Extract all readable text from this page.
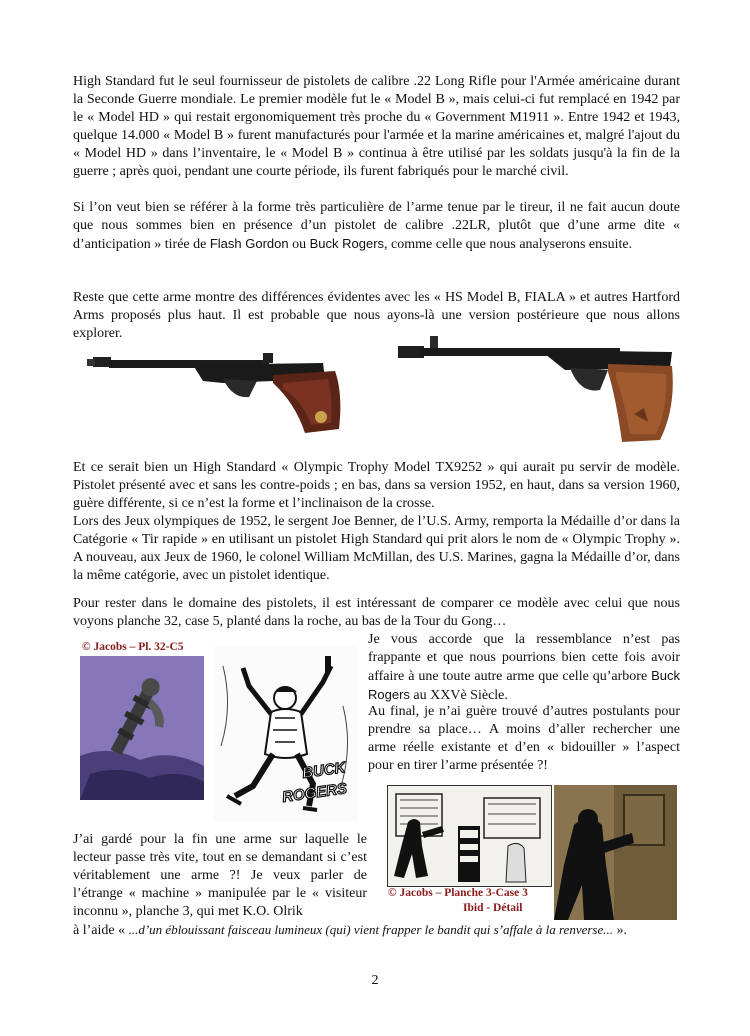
High Standard fut le seul fournisseur de pistolets de calibre .22 Long Rifle pour l'Armée américaine durant la Seconde Guerre mondiale. Le premier modèle fut le « Model B », mais celui-ci fut remplacé en 1942 par le « Model HD » qui restait ergonomiquement très proche du « Government M1911 ». Entre 1942 et 1943, quelque 14.000 « Model B » furent manufacturés pour l'armée et la marine américaines et, malgré l'ajout du « Model HD » dans l’inventaire, le « Model B » continua à être utilisé par les soldats jusqu'à la fin de la guerre ; après quoi, pendant une courte période, ils furent fabriqués pour le marché civil.

Si l’on veut bien se référer à la forme très particulière de l’arme tenue par le tireur, il ne fait aucun doute que nous sommes bien en présence d’un pistolet de calibre .22LR, plutôt que d’une arme dite « d’anticipation » tirée de Flash Gordon ou Buck Rogers, comme celle que nous analyserons ensuite.

Reste que cette arme montre des différences évidentes avec les « HS Model B, FIALA » et autres Hartford Arms proposés plus haut. Il est probable que nous ayons-là une version postérieure que nous allons explorer.

Et ce serait bien un High Standard « Olympic Trophy Model TX9252 » qui aurait pu servir de modèle. Pistolet présenté avec et sans les contre-poids ; en bas, dans sa version 1952, en haut, dans sa version 1960, guère différente, si ce n’est la forme et l’inclinaison de la crosse.

Lors des Jeux olympiques de 1952, le sergent Joe Benner, de l’U.S. Army, remporta la Médaille d’or dans la Catégorie « Tir rapide » en utilisant un pistolet High Standard qui prit alors le nom de « Olympic Trophy ». A nouveau, aux Jeux de 1960, le colonel William McMillan, des U.S. Marines, gagna la Médaille d’or, dans la même catégorie, avec un pistolet identique.

Pour rester dans le domaine des pistolets, il est intéressant de comparer ce modèle avec celui que nous voyons planche 32, case 5, planté dans la roche, au bas de la Tour du Gong…

© Jacobs – Pl. 32-C5
BUCK
ROGERS

Je vous accorde que la ressemblance n’est pas frappante et que nous pourrions bien cette fois avoir affaire à une toute autre arme que celle qu’arbore Buck Rogers au XXVè Siècle.

Au final, je n’ai guère trouvé d’autres postulants pour prendre sa place… A moins d’aller rechercher une arme réelle existante et d’en « bidouiller » l’aspect pour en tirer l’arme présentée ?!

© Jacobs – Planche 3-Case 3
Ibid - Détail

J’ai gardé pour la fin une arme sur laquelle le lecteur passe très vite, tout en se demandant si c’est véritablement une arme ?! Je veux parler de l’étrange « machine » manipulée par le « visiteur inconnu », planche 3, qui met K.O. Olrik

à l’aide « ...d’un éblouissant faisceau lumineux (qui) vient frapper le bandit qui s’affale à la renverse... ».

2
